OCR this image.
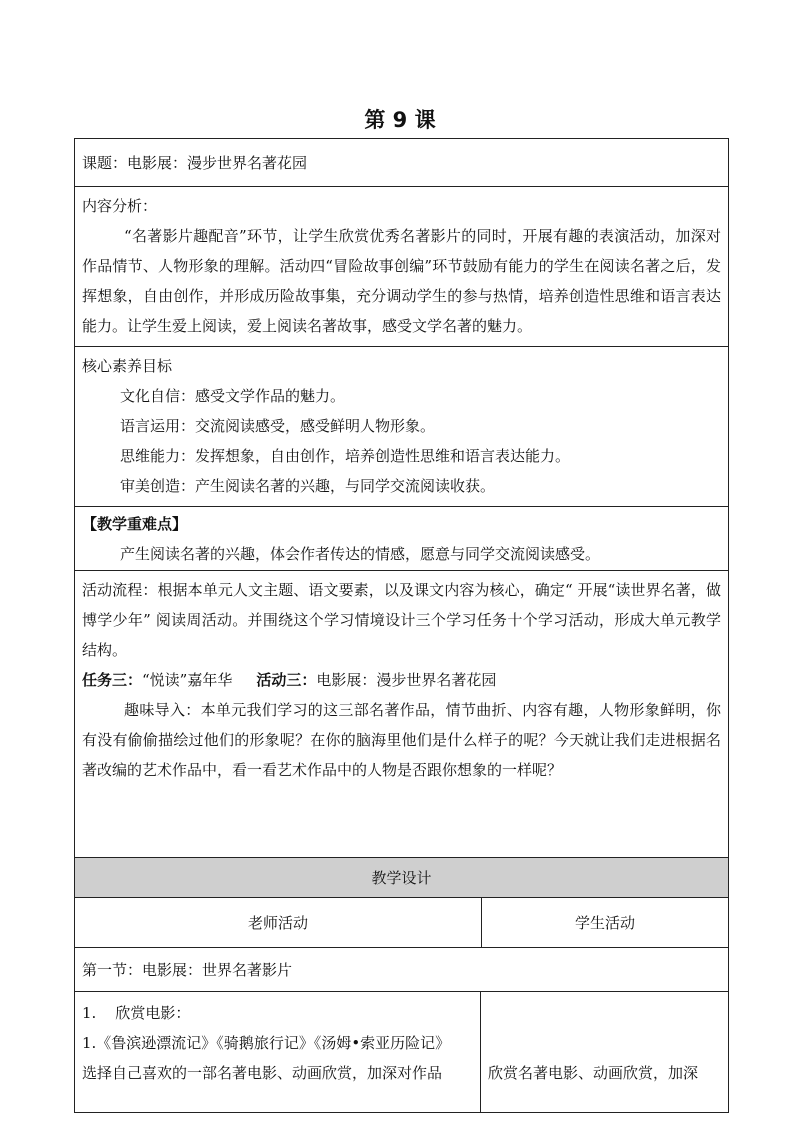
第 9 课
课题：电影展：漫步世界名著花园
内容分析：
“名著影片趣配音”环节，让学生欣赏优秀名著影片的同时，开展有趣的表演活动，加深对作品情节、人物形象的理解。活动四“冒险故事创编”环节鼓励有能力的学生在阅读名著之后，发挥想象，自由创作，并形成历险故事集，充分调动学生的参与热情，培养创造性思维和语言表达能力。让学生爱上阅读，爱上阅读名著故事，感受文学名著的魅力。
核心素养目标
文化自信：感受文学作品的魅力。
语言运用：交流阅读感受，感受鲜明人物形象。
思维能力：发挥想象，自由创作，培养创造性思维和语言表达能力。
审美创造：产生阅读名著的兴趣，与同学交流阅读收获。
【教学重难点】
产生阅读名著的兴趣，体会作者传达的情感，愿意与同学交流阅读感受。
活动流程：根据本单元人文主题、语文要素，以及课文内容为核心，确定“ 开展“读世界名著，做博学少年” 阅读周活动。并围绕这个学习情境设计三个学习任务十个学习活动，形成大单元教学结构。
任务三：“悦读”嘉年华 活动三：电影展：漫步世界名著花园
趣味导入：本单元我们学习的这三部名著作品，情节曲折、内容有趣，人物形象鲜明，你有没有偷偷描绘过他们的形象呢？在你的脑海里他们是什么样子的呢？今天就让我们走进根据名著改编的艺术作品中，看一看艺术作品中的人物是否跟你想象的一样呢？
教学设计
老师活动	学生活动
第一节：电影展：世界名著影片
1.    欣赏电影：
1.《鲁滨逊漂流记》《骑鹅旅行记》《汤姆•索亚历险记》
选择自己喜欢的一部名著电影、动画欣赏，加深对作品	欣赏名著电影、动画欣赏，加深
